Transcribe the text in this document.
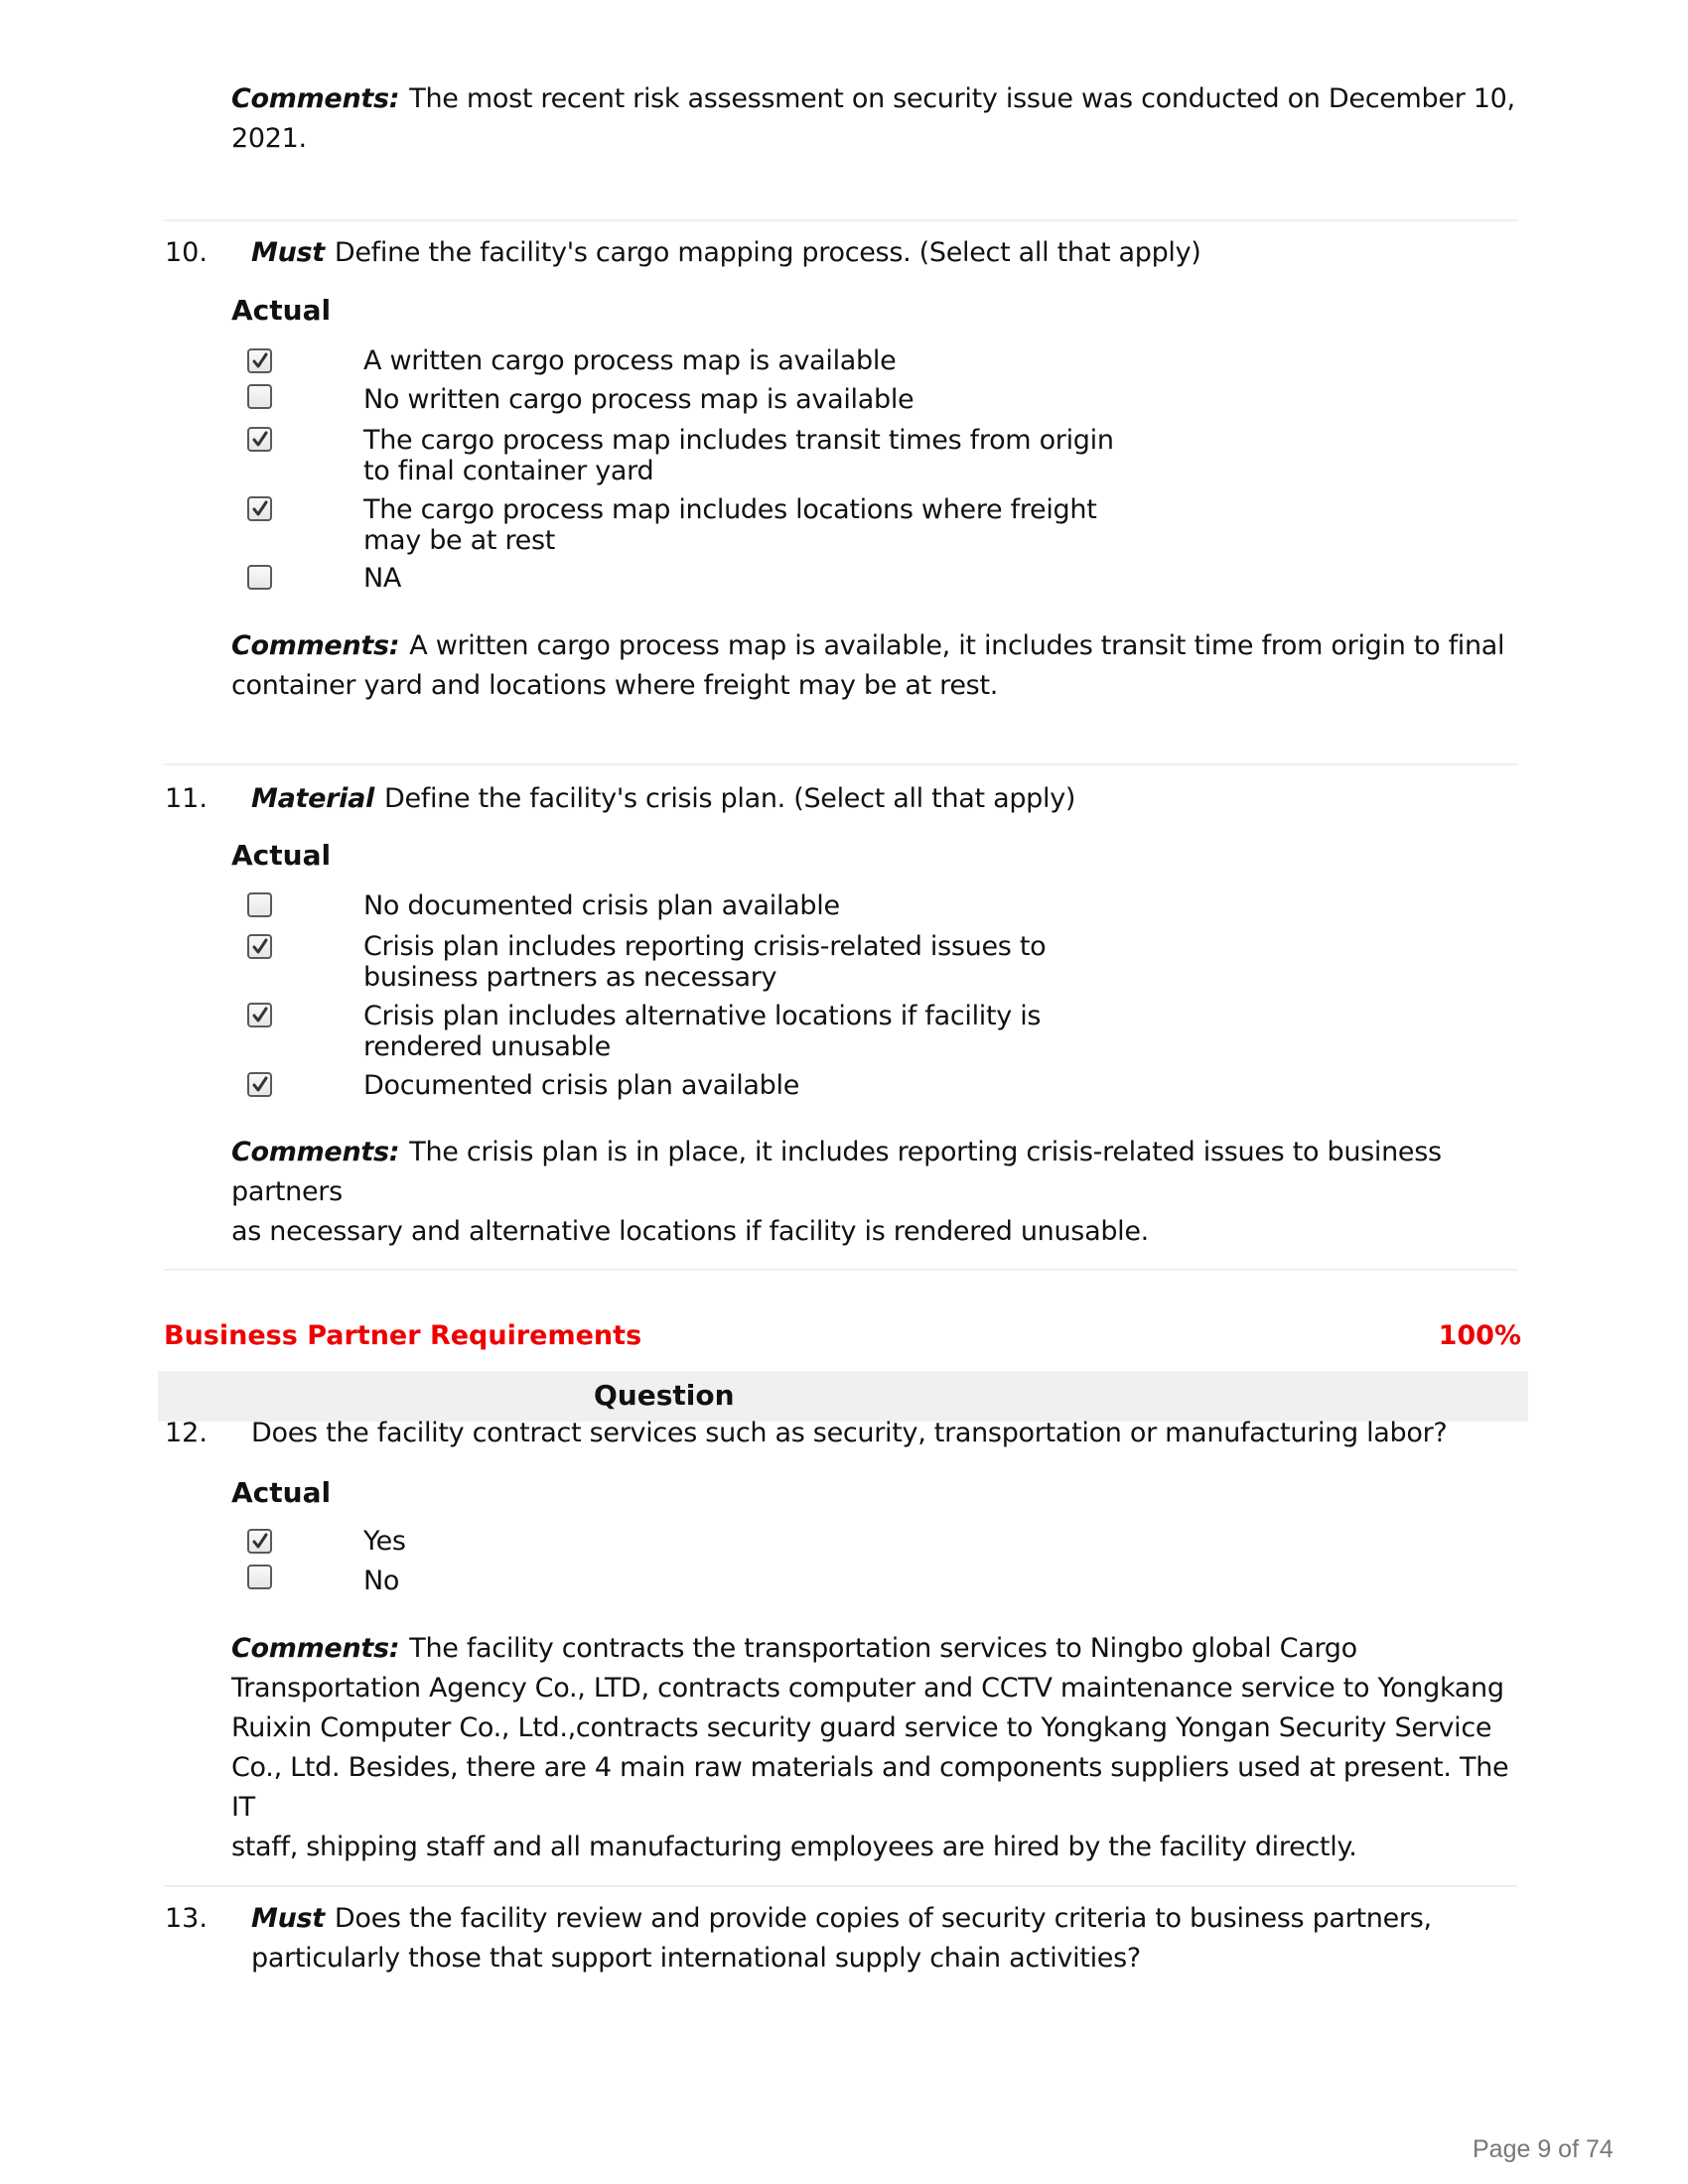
Comments: The most recent risk assessment on security issue was conducted on December 10,
2021.
10. Must Define the facility's cargo mapping process. (Select all that apply)
Actual
A written cargo process map is available
No written cargo process map is available
The cargo process map includes transit times from origin
to final container yard
The cargo process map includes locations where freight
may be at rest
NA
Comments: A written cargo process map is available, it includes transit time from origin to final
container yard and locations where freight may be at rest.
11. Material Define the facility's crisis plan. (Select all that apply)
Actual
No documented crisis plan available
Crisis plan includes reporting crisis-related issues to
business partners as necessary
Crisis plan includes alternative locations if facility is
rendered unusable
Documented crisis plan available
Comments: The crisis plan is in place, it includes reporting crisis-related issues to business partners
as necessary and alternative locations if facility is rendered unusable.
Business Partner Requirements	100%
Question
12. Does the facility contract services such as security, transportation or manufacturing labor?
Actual
Yes
No
Comments: The facility contracts the transportation services to Ningbo global Cargo
Transportation Agency Co., LTD, contracts computer and CCTV maintenance service to Yongkang
Ruixin Computer Co., Ltd.,contracts security guard service to Yongkang Yongan Security Service
Co., Ltd. Besides, there are 4 main raw materials and components suppliers used at present. The IT
staff, shipping staff and all manufacturing employees are hired by the facility directly.
13. Must Does the facility review and provide copies of security criteria to business partners,
particularly those that support international supply chain activities?
Page 9 of 74
